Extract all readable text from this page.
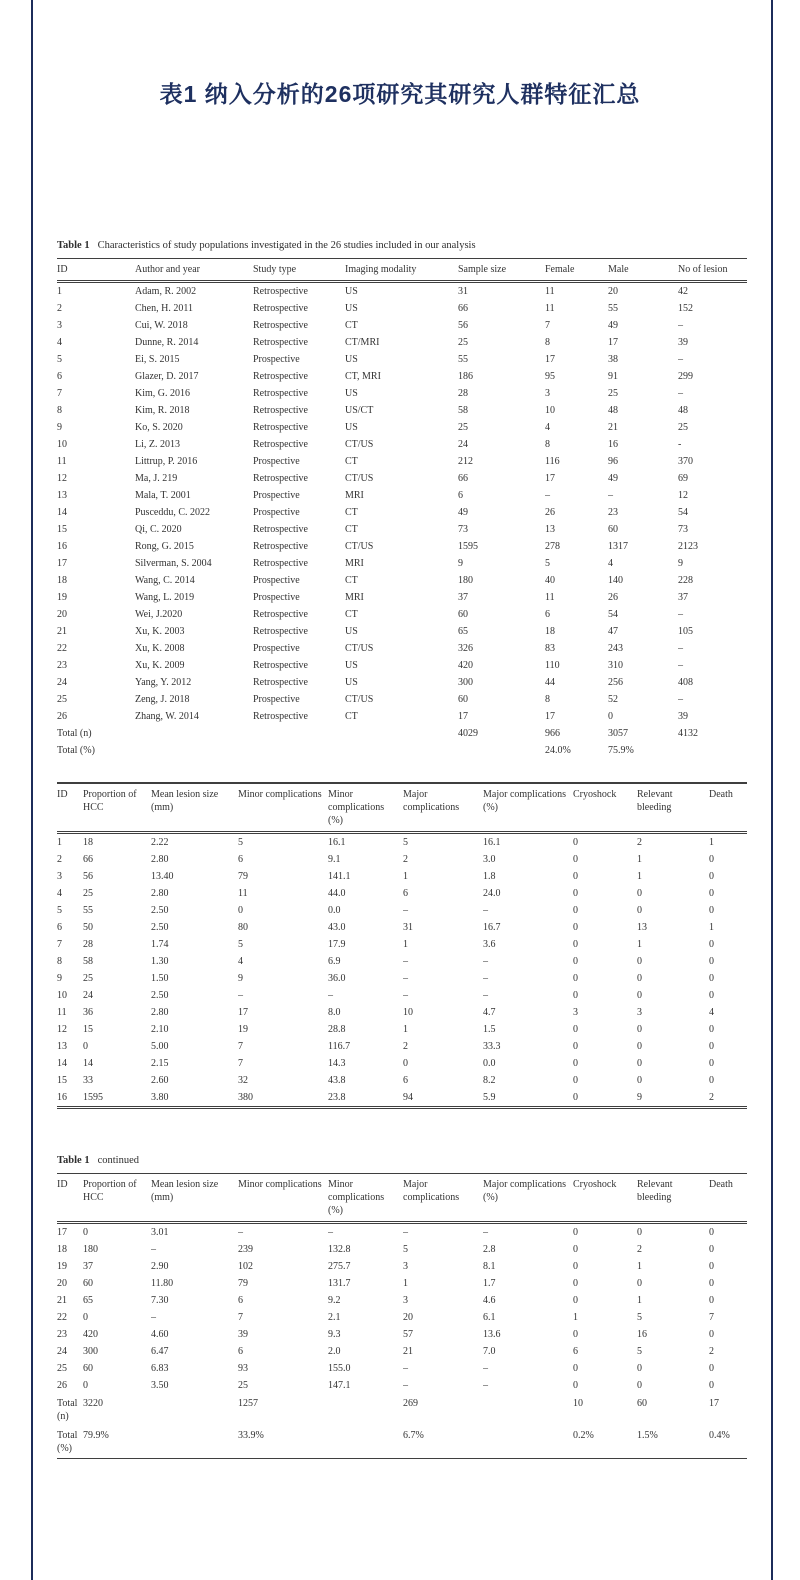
表1 纳入分析的26项研究其研究人群特征汇总

Table 1 Characteristics of study populations investigated in the 26 studies included in our analysis

ID	Author and year	Study type	Imaging modality	Sample size	Female	Male	No of lesion
1	Adam, R. 2002	Retrospective	US	31	11	20	42
2	Chen, H. 2011	Retrospective	US	66	11	55	152
3	Cui, W. 2018	Retrospective	CT	56	7	49	–
4	Dunne, R. 2014	Retrospective	CT/MRI	25	8	17	39
5	Ei, S. 2015	Prospective	US	55	17	38	–
6	Glazer, D. 2017	Retrospective	CT, MRI	186	95	91	299
7	Kim, G. 2016	Retrospective	US	28	3	25	–
8	Kim, R. 2018	Retrospective	US/CT	58	10	48	48
9	Ko, S. 2020	Retrospective	US	25	4	21	25
10	Li, Z. 2013	Retrospective	CT/US	24	8	16	-
11	Littrup, P. 2016	Prospective	CT	212	116	96	370
12	Ma, J. 219	Retrospective	CT/US	66	17	49	69
13	Mala, T. 2001	Prospective	MRI	6	–	–	12
14	Pusceddu, C. 2022	Prospective	CT	49	26	23	54
15	Qi, C. 2020	Retrospective	CT	73	13	60	73
16	Rong, G. 2015	Retrospective	CT/US	1595	278	1317	2123
17	Silverman, S. 2004	Retrospective	MRI	9	5	4	9
18	Wang, C. 2014	Prospective	CT	180	40	140	228
19	Wang, L. 2019	Prospective	MRI	37	11	26	37
20	Wei, J.2020	Retrospective	CT	60	6	54	–
21	Xu, K. 2003	Retrospective	US	65	18	47	105
22	Xu, K. 2008	Prospective	CT/US	326	83	243	–
23	Xu, K. 2009	Retrospective	US	420	110	310	–
24	Yang, Y. 2012	Retrospective	US	300	44	256	408
25	Zeng, J. 2018	Prospective	CT/US	60	8	52	–
26	Zhang, W. 2014	Retrospective	CT	17	17	0	39
Total (n)				4029	966	3057	4132
Total (%)					24.0%	75.9%	
ID	Proportion of HCC	Mean lesion size (mm)	Minor complications	Minor complications (%)	Major complications	Major complications (%)	Cryoshock	Relevant bleeding	Death
1	18	2.22	5	16.1	5	16.1	0	2	1
2	66	2.80	6	9.1	2	3.0	0	1	0
3	56	13.40	79	141.1	1	1.8	0	1	0
4	25	2.80	11	44.0	6	24.0	0	0	0
5	55	2.50	0	0.0	–	–	0	0	0
6	50	2.50	80	43.0	31	16.7	0	13	1
7	28	1.74	5	17.9	1	3.6	0	1	0
8	58	1.30	4	6.9	–	–	0	0	0
9	25	1.50	9	36.0	–	–	0	0	0
10	24	2.50	–	–	–	–	0	0	0
11	36	2.80	17	8.0	10	4.7	3	3	4
12	15	2.10	19	28.8	1	1.5	0	0	0
13	0	5.00	7	116.7	2	33.3	0	0	0
14	14	2.15	7	14.3	0	0.0	0	0	0
15	33	2.60	32	43.8	6	8.2	0	0	0
16	1595	3.80	380	23.8	94	5.9	0	9	2

Table 1 continued

ID	Proportion of HCC	Mean lesion size (mm)	Minor complications	Minor complications (%)	Major complications	Major complications (%)	Cryoshock	Relevant bleeding	Death
17	0	3.01	–	–	–	–	0	0	0
18	180	–	239	132.8	5	2.8	0	2	0
19	37	2.90	102	275.7	3	8.1	0	1	0
20	60	11.80	79	131.7	1	1.7	0	0	0
21	65	7.30	6	9.2	3	4.6	0	1	0
22	0	–	7	2.1	20	6.1	1	5	7
23	420	4.60	39	9.3	57	13.6	0	16	0
24	300	6.47	6	2.0	21	7.0	6	5	2
25	60	6.83	93	155.0	–	–	0	0	0
26	0	3.50	25	147.1	–	–	0	0	0
Total (n)	3220		1257		269		10	60	17
Total (%)	79.9%		33.9%		6.7%		0.2%	1.5%	0.4%
